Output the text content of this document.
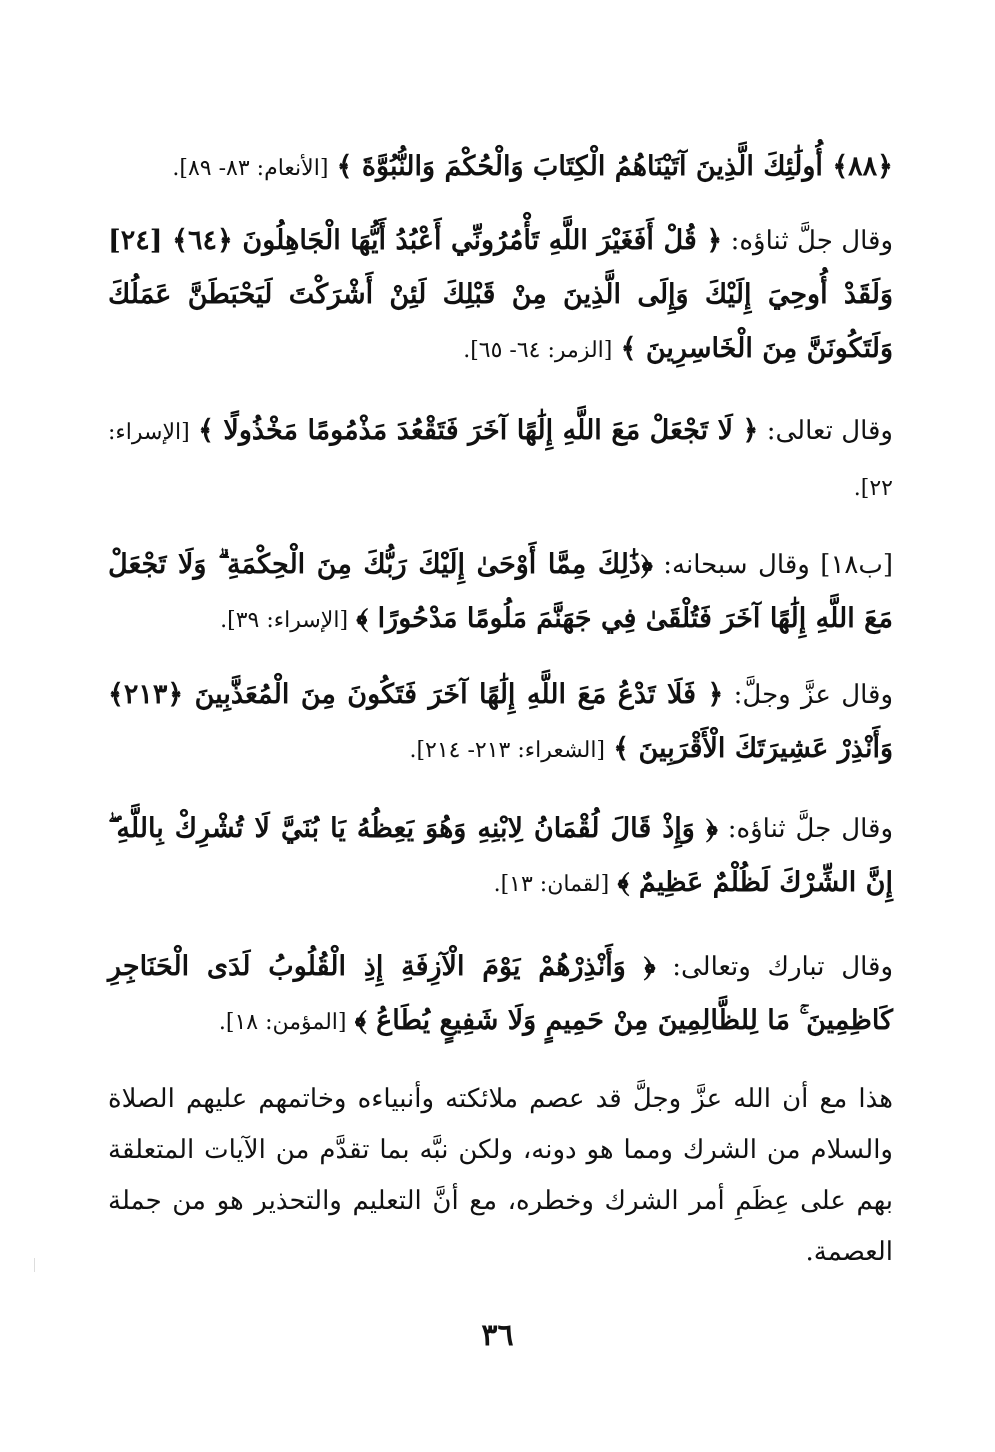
﴿٨٨﴾ أُولَٰئِكَ الَّذِينَ آتَيْنَاهُمُ الْكِتَابَ وَالْحُكْمَ وَالنُّبُوَّةَ ﴾ [الأنعام: ٨٣- ٨٩].
وقال جلَّ ثناؤه: ﴿ قُلْ أَفَغَيْرَ اللَّهِ تَأْمُرُونِّي أَعْبُدُ أَيُّهَا الْجَاهِلُونَ ﴿٦٤﴾ [٢٤] وَلَقَدْ أُوحِيَ إِلَيْكَ وَإِلَى الَّذِينَ مِنْ قَبْلِكَ لَئِنْ أَشْرَكْتَ لَيَحْبَطَنَّ عَمَلُكَ وَلَتَكُونَنَّ مِنَ الْخَاسِرِينَ ﴾ [الزمر: ٦٤- ٦٥].
وقال تعالى: ﴿ لَا تَجْعَلْ مَعَ اللَّهِ إِلَٰهًا آخَرَ فَتَقْعُدَ مَذْمُومًا مَخْذُولًا ﴾ [الإسراء: ٢٢].
[ب١٨] وقال سبحانه: ﴿ذَٰلِكَ مِمَّا أَوْحَىٰ إِلَيْكَ رَبُّكَ مِنَ الْحِكْمَةِ ۗ وَلَا تَجْعَلْ مَعَ اللَّهِ إِلَٰهًا آخَرَ فَتُلْقَىٰ فِي جَهَنَّمَ مَلُومًا مَدْحُورًا ﴾ [الإسراء: ٣٩].
وقال عزَّ وجلَّ: ﴿ فَلَا تَدْعُ مَعَ اللَّهِ إِلَٰهًا آخَرَ فَتَكُونَ مِنَ الْمُعَذَّبِينَ ﴿٢١٣﴾ وَأَنْذِرْ عَشِيرَتَكَ الْأَقْرَبِينَ ﴾ [الشعراء: ٢١٣- ٢١٤].
وقال جلَّ ثناؤه: ﴿ وَإِذْ قَالَ لُقْمَانُ لِابْنِهِ وَهُوَ يَعِظُهُ يَا بُنَيَّ لَا تُشْرِكْ بِاللَّهِ ۖ إِنَّ الشِّرْكَ لَظُلْمٌ عَظِيمٌ ﴾ [لقمان: ١٣].
وقال تبارك وتعالى: ﴿ وَأَنْذِرْهُمْ يَوْمَ الْآزِفَةِ إِذِ الْقُلُوبُ لَدَى الْحَنَاجِرِ كَاظِمِينَ ۚ مَا لِلظَّالِمِينَ مِنْ حَمِيمٍ وَلَا شَفِيعٍ يُطَاعُ ﴾ [المؤمن: ١٨].
هذا مع أن الله عزَّ وجلَّ قد عصم ملائكته وأنبياءه وخاتمهم عليهم الصلاة والسلام من الشرك ومما هو دونه، ولكن نبَّه بما تقدَّم من الآيات المتعلقة بهم على عِظَمِ أمر الشرك وخطره، مع أنَّ التعليم والتحذير هو من جملة العصمة.
٣٦
